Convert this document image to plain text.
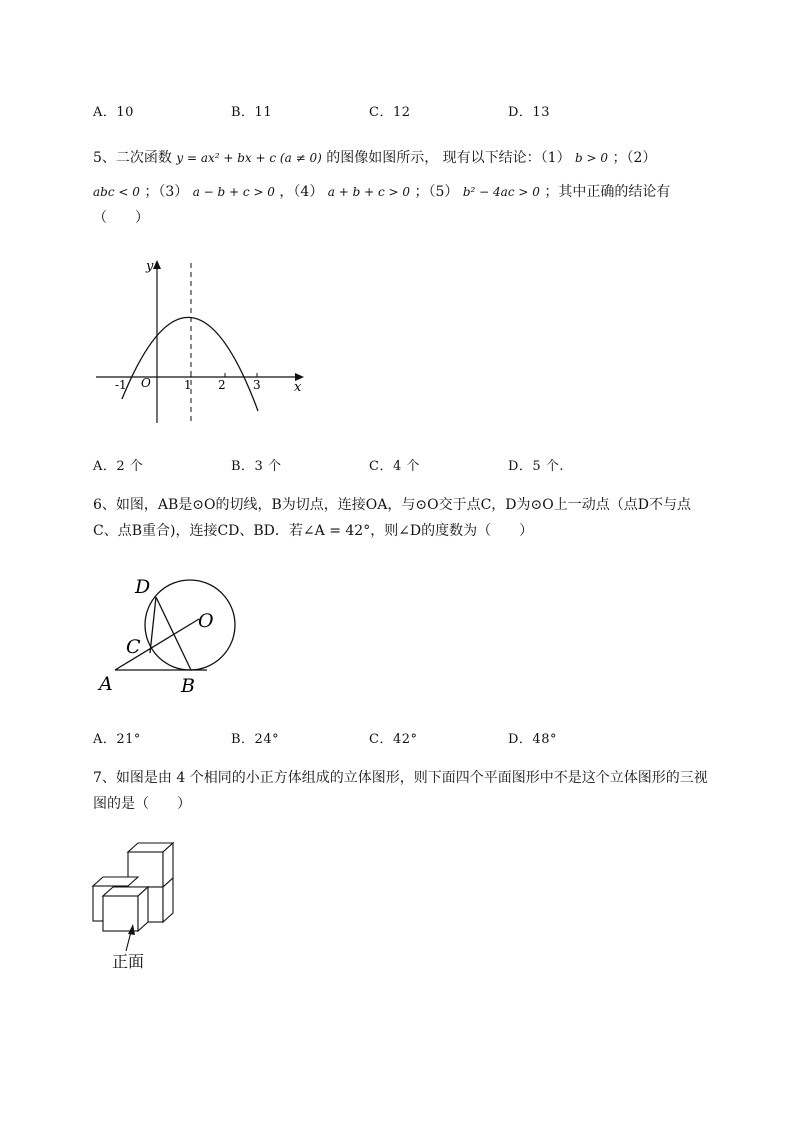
A．10	B．11	C．12	D．13
5、二次函数 y = ax² + bx + c (a ≠ 0) 的图像如图所示， 现有以下结论：（1） b > 0 ；（2）
abc < 0 ；（3） a − b + c > 0 ，（4） a + b + c > 0 ；（5） b² − 4ac > 0 ；其中正确的结论有
（　　）
y
x
O
-1	1 2 3
A．2 个	B．3 个	C．4 个	D．5 个.
6、如图，AB是⊙O的切线，B为切点，连接OA，与⊙O交于点C，D为⊙O上一动点（点D不与点
C、点B重合)，连接CD、BD．若∠A = 42°，则∠D的度数为（　　）
D
O
C
A	B
A．21°	B．24°	C．42°	D．48°
7、如图是由 4 个相同的小正方体组成的立体图形，则下面四个平面图形中不是这个立体图形的三视
图的是（　　）
正面
